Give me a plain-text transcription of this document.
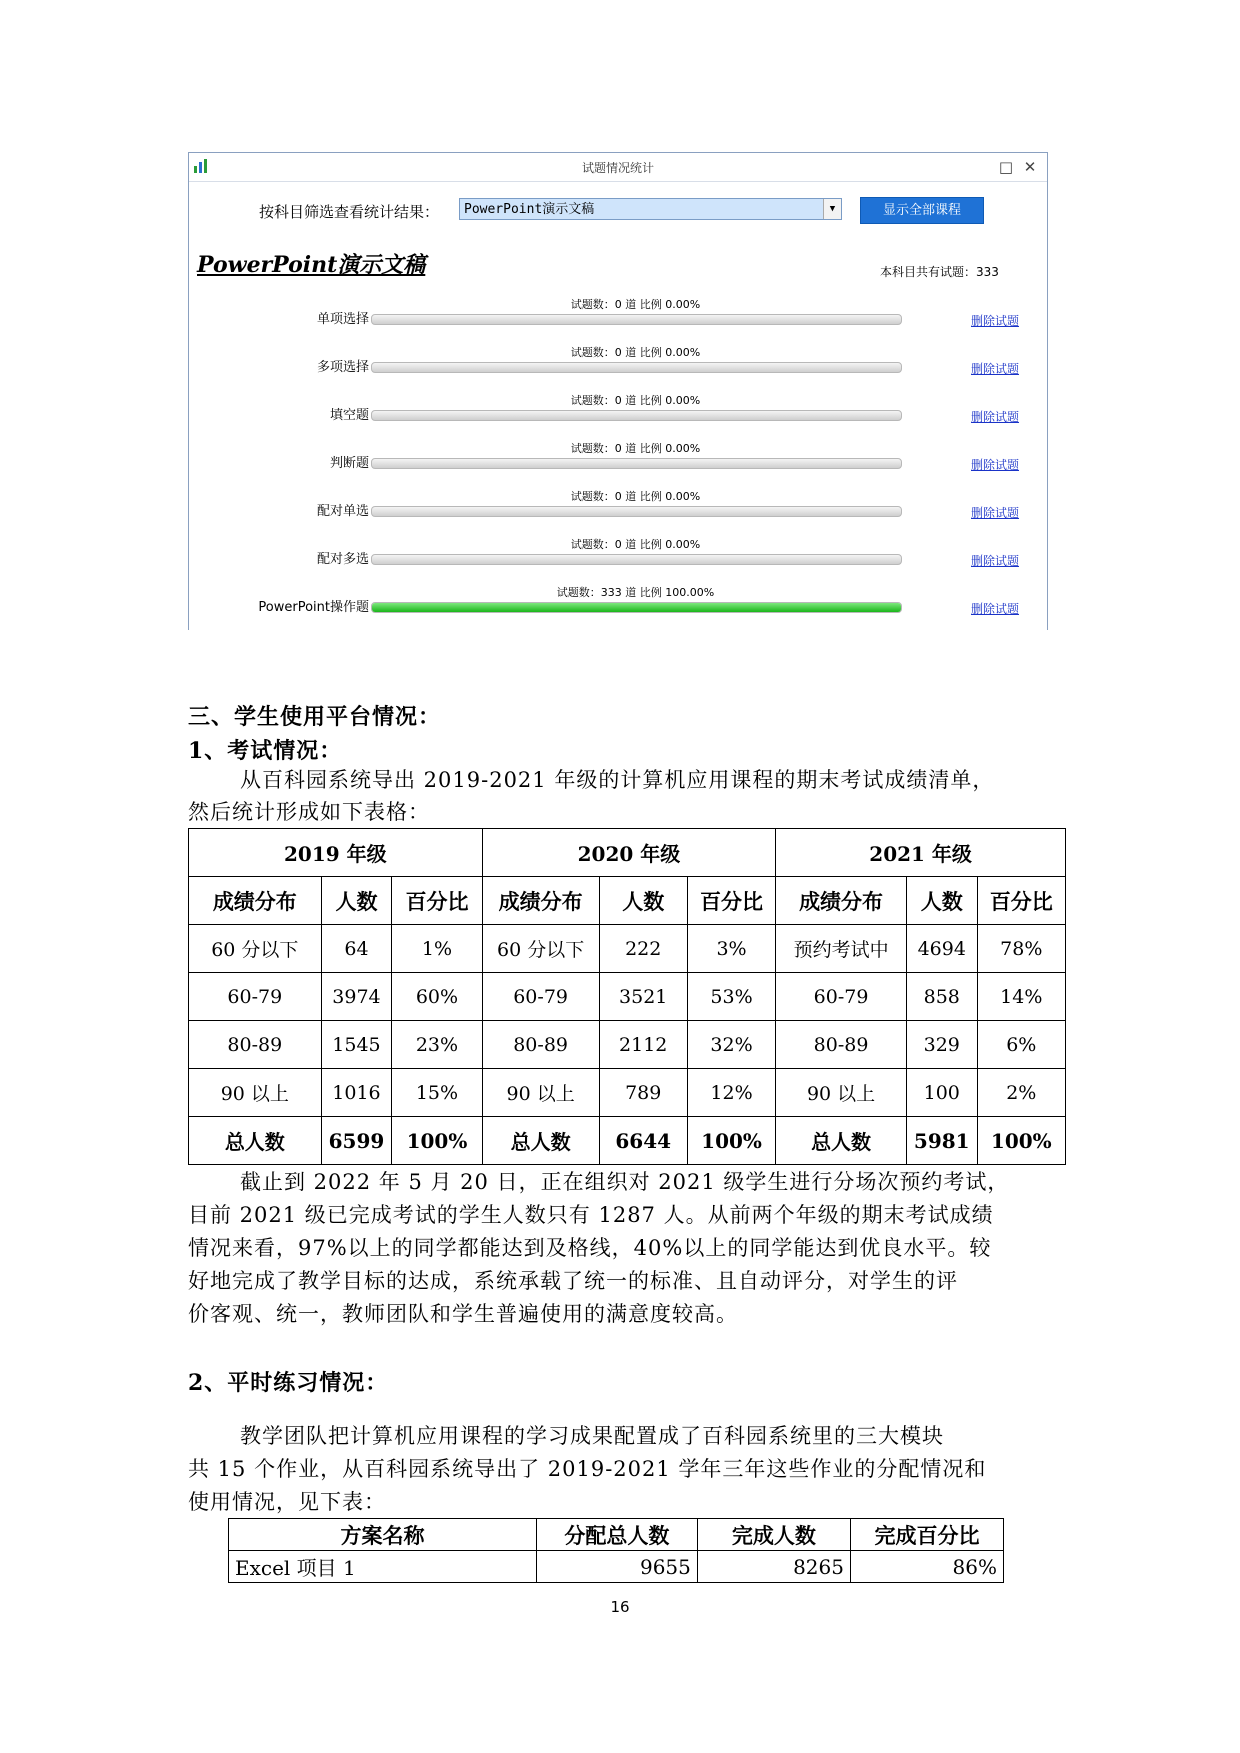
试题情况统计	□ ✕
按科目筛选查看统计结果：	PowerPoint演示文稿	▼	显示全部课程
PowerPoint演示文稿	本科目共有试题：333
单项选择
试题数：0 道 比例 0.00%
删除试题
多项选择
试题数：0 道 比例 0.00%
删除试题
填空题
试题数：0 道 比例 0.00%
删除试题
判断题
试题数：0 道 比例 0.00%
删除试题
配对单选
试题数：0 道 比例 0.00%
删除试题
配对多选
试题数：0 道 比例 0.00%
删除试题
PowerPoint操作题
试题数：333 道 比例 100.00%
删除试题
三、学生使用平台情况：
1、考试情况：
从百科园系统导出 2019-2021 年级的计算机应用课程的期末考试成绩清单，
然后统计形成如下表格：
2019 年级			2020 年级			2021 年级		
成绩分布	人数	百分比	成绩分布	人数	百分比	成绩分布	人数	百分比
60 分以下	64	1%	60 分以下	222	3%	预约考试中	4694	78%
60-79	3974	60%	60-79	3521	53%	60-79	858	14%
80-89	1545	23%	80-89	2112	32%	80-89	329	6%
90 以上	1016	15%	90 以上	789	12%	90 以上	100	2%
总人数	6599	100%	总人数	6644	100%	总人数	5981	100%
截止到 2022 年 5 月 20 日，正在组织对 2021 级学生进行分场次预约考试，
目前 2021 级已完成考试的学生人数只有 1287 人。从前两个年级的期末考试成绩
情况来看，97%以上的同学都能达到及格线，40%以上的同学能达到优良水平。较
好地完成了教学目标的达成，系统承载了统一的标准、且自动评分，对学生的评
价客观、统一，教师团队和学生普遍使用的满意度较高。
2、平时练习情况：
教学团队把计算机应用课程的学习成果配置成了百科园系统里的三大模块
共 15 个作业，从百科园系统导出了 2019-2021 学年三年这些作业的分配情况和
使用情况，见下表：
方案名称	分配总人数	完成人数	完成百分比
Excel 项目 1	9655	8265	86%
16
